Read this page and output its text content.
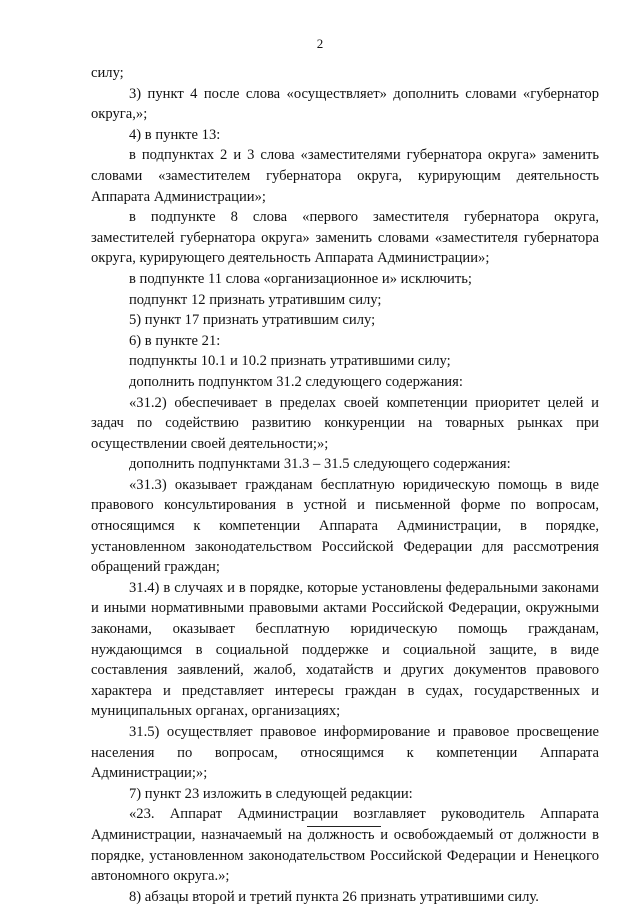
2

силу;

3) пункт 4 после слова «осуществляет» дополнить словами «губернатор округа,»;

4) в пункте 13:

в подпунктах 2 и 3 слова «заместителями губернатора округа» заменить словами «заместителем губернатора округа, курирующим деятельность Аппарата Администрации»;

в подпункте 8 слова «первого заместителя губернатора округа, заместителей губернатора округа» заменить словами «заместителя губернатора округа, курирующего деятельность Аппарата Администрации»;

в подпункте 11 слова «организационное и» исключить;

подпункт 12 признать утратившим силу;

5) пункт 17 признать утратившим силу;

6) в пункте 21:

подпункты 10.1 и 10.2 признать утратившими силу;

дополнить подпунктом 31.2 следующего содержания:

«31.2) обеспечивает в пределах своей компетенции приоритет целей и задач по содействию развитию конкуренции на товарных рынках при осуществлении своей деятельности;»;

дополнить подпунктами 31.3 – 31.5 следующего содержания:

«31.3) оказывает гражданам бесплатную юридическую помощь в виде правового консультирования в устной и письменной форме по вопросам, относящимся к компетенции Аппарата Администрации, в порядке, установленном законодательством Российской Федерации для рассмотрения обращений граждан;

31.4) в случаях и в порядке, которые установлены федеральными законами и иными нормативными правовыми актами Российской Федерации, окружными законами, оказывает бесплатную юридическую помощь гражданам, нуждающимся в социальной поддержке и социальной защите, в виде составления заявлений, жалоб, ходатайств и других документов правового характера и представляет интересы граждан в судах, государственных и муниципальных органах, организациях;

31.5) осуществляет правовое информирование и правовое просвещение населения по вопросам, относящимся к компетенции Аппарата Администрации;»;

7) пункт 23 изложить в следующей редакции:

«23. Аппарат Администрации возглавляет руководитель Аппарата Администрации, назначаемый на должность и освобождаемый от должности в порядке, установленном законодательством Российской Федерации и Ненецкого автономного округа.»;

8) абзацы второй и третий пункта 26 признать утратившими силу.
